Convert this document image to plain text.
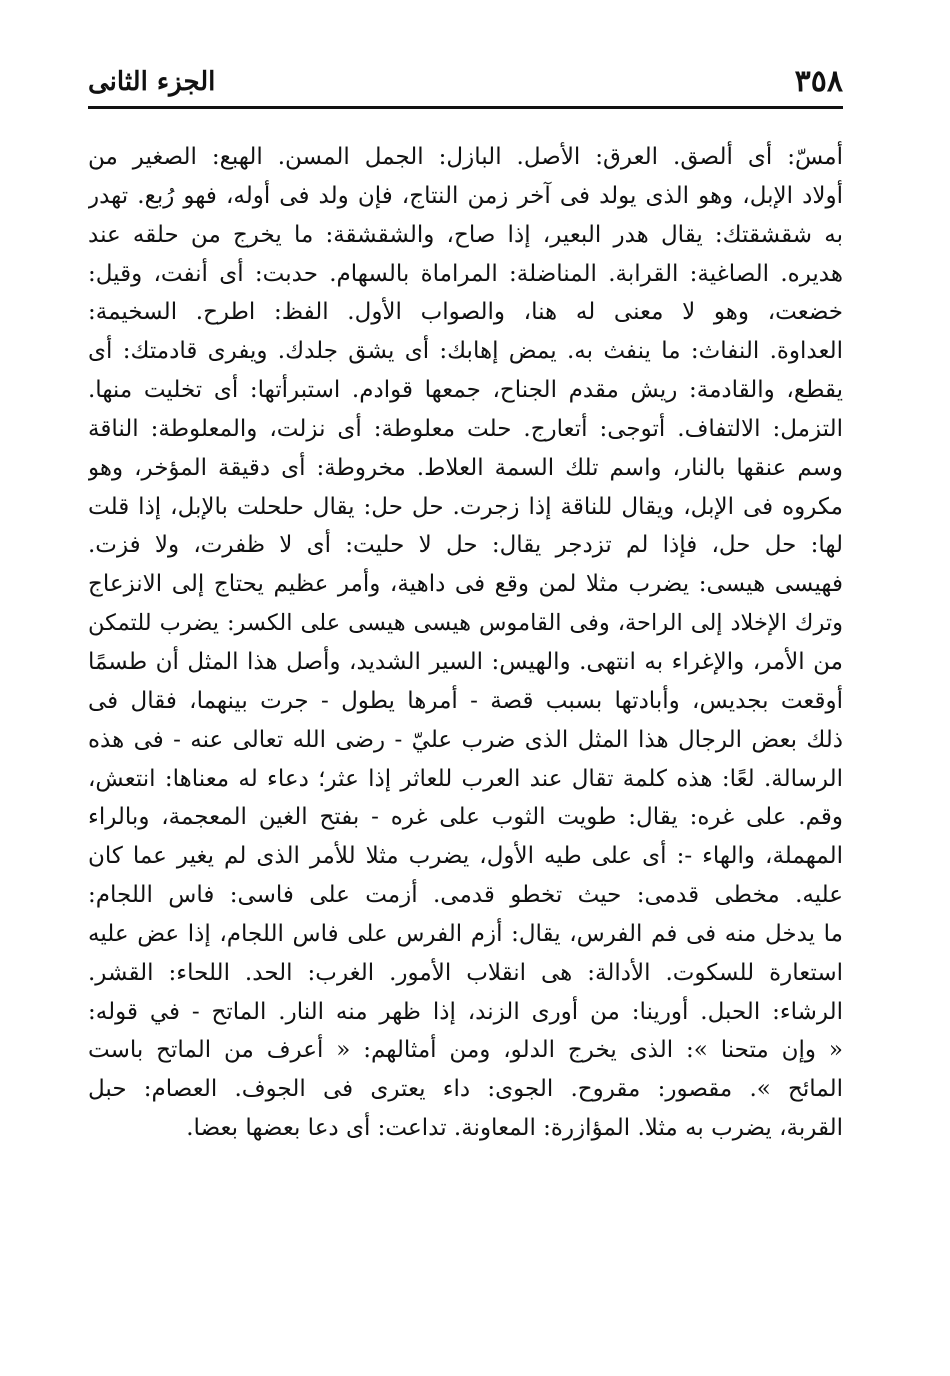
٣٥٨
الجزء الثانى
أمسّ: أى ألصق. العرق: الأصل. البازل: الجمل المسن. الهبع: الصغير من
أولاد الإبل، وهو الذى يولد فى آخر زمن النتاج، فإن ولد فى أوله، فهو رُبع. تهدر
به شقشقتك: يقال هدر البعير، إذا صاح، والشقشقة: ما يخرج من حلقه عند
هديره. الصاغية: القرابة. المناضلة: المراماة بالسهام. حدبت: أى أنفت، وقيل:
خضعت، وهو لا معنى له هنا، والصواب الأول. الفظ: اطرح. السخيمة:
العداوة. النفاث: ما ينفث به. يمض إهابك: أى يشق جلدك. ويفرى قادمتك: أى
يقطع، والقادمة: ريش مقدم الجناح، جمعها قوادم. استبرأتها: أى تخليت منها.
التزمل: الالتفاف. أتوجى: أتعارج. حلت معلوطة: أى نزلت، والمعلوطة: الناقة
وسم عنقها بالنار، واسم تلك السمة العلاط. مخروطة: أى دقيقة المؤخر، وهو
مكروه فى الإبل، ويقال للناقة إذا زجرت. حل حل: يقال حلحلت بالإبل، إذا قلت
لها: حل حل، فإذا لم تزدجر يقال: حل لا حليت: أى لا ظفرت، ولا فزت.
فهيسى هيسى: يضرب مثلا لمن وقع فى داهية، وأمر عظيم يحتاج إلى الانزعاج
وترك الإخلاد إلى الراحة، وفى القاموس هيسى هيسى على الكسر: يضرب للتمكن
من الأمر، والإغراء به انتهى. والهيس: السير الشديد، وأصل هذا المثل أن طسمًا
أوقعت بجديس، وأبادتها بسبب قصة - أمرها يطول - جرت بينهما، فقال فى
ذلك بعض الرجال هذا المثل الذى ضرب عليّ - رضى الله تعالى عنه - فى هذه
الرسالة. لعًا: هذه كلمة تقال عند العرب للعاثر إذا عثر؛ دعاء له معناها: انتعش،
وقم. على غره: يقال: طويت الثوب على غره - بفتح الغين المعجمة، وبالراء
المهملة، والهاء -: أى على طيه الأول، يضرب مثلا للأمر الذى لم يغير عما كان
عليه. مخطى قدمى: حيث تخطو قدمى. أزمت على فاسى: فاس اللجام:
ما يدخل منه فى فم الفرس، يقال: أزم الفرس على فاس اللجام، إذا عض عليه
استعارة للسكوت. الأدالة: هى انقلاب الأمور. الغرب: الحد. اللحاء: القشر.
الرشاء: الحبل. أورينا: من أورى الزند، إذا ظهر منه النار. الماتح - في قوله:
« وإن متحنا »: الذى يخرج الدلو، ومن أمثالهم: « أعرف من الماتح باست
المائح ». مقصور: مقروح. الجوى: داء يعترى فى الجوف. العصام: حبل
القربة، يضرب به مثلا. المؤازرة: المعاونة. تداعت: أى دعا بعضها بعضا.
